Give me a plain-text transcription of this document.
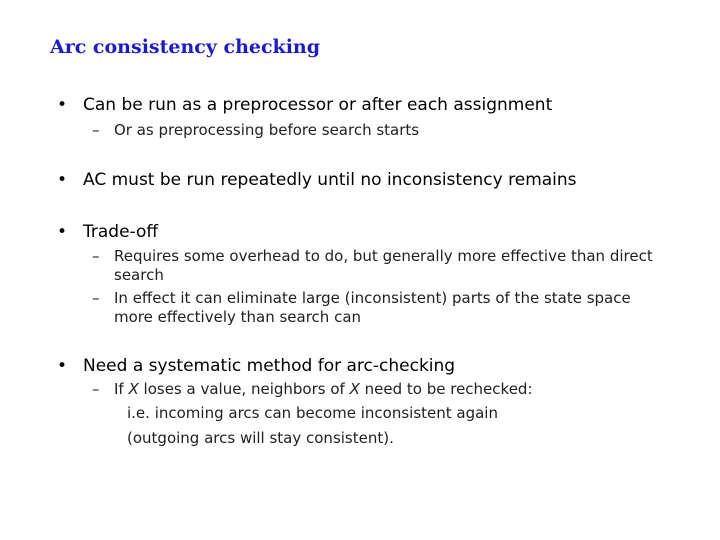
Arc consistency checking
• Can be run as a preprocessor or after each assignment
– Or as preprocessing before search starts
• AC must be run repeatedly until no inconsistency remains
• Trade-off
– Requires some overhead to do, but generally more effective than direct search
– In effect it can eliminate large (inconsistent) parts of the state space more effectively than search can
• Need a systematic method for arc-checking
– If X loses a value, neighbors of X need to be rechecked:
i.e. incoming arcs can become inconsistent again
(outgoing arcs will stay consistent).
